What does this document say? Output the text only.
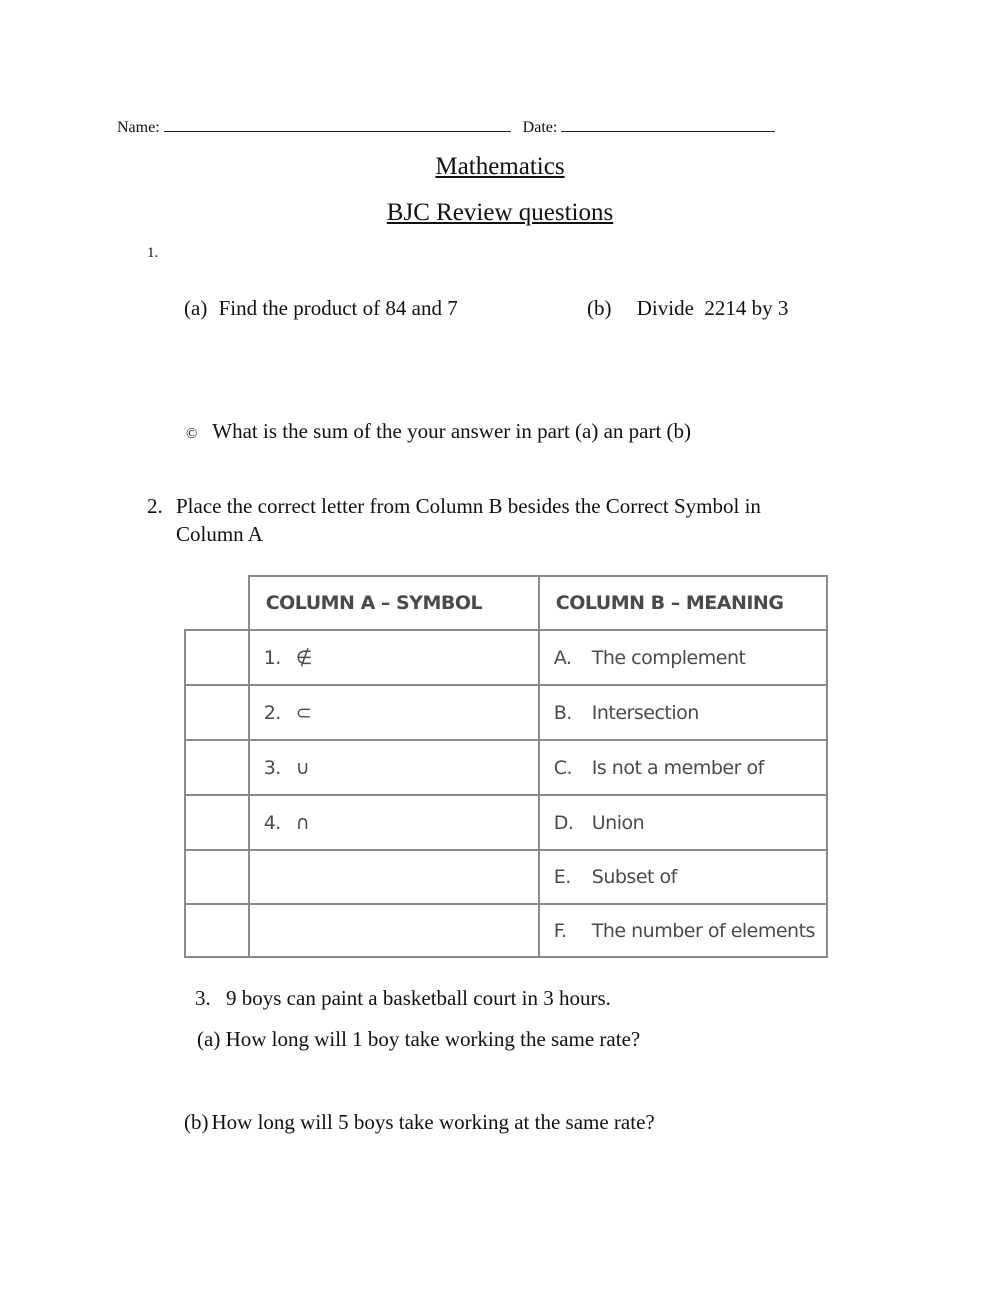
Name:	Date:
Mathematics
BJC Review questions
1.
(a) Find the product of 84 and 7	(b) Divide  2214 by 3
© What is the sum of the your answer in part (a) an part (b)
2. Place the correct letter from Column B besides the Correct Symbol in
Column A
	COLUMN A – SYMBOL	COLUMN B – MEANING
	1. ∉	A. The complement
	2. ⊂	B. Intersection
	3. ∪	C. Is not a member of
	4. ∩	D. Union
		E. Subset of
		F. The number of elements
3. 9 boys can paint a basketball court in 3 hours.
(a) How long will 1 boy take working the same rate?
(b) How long will 5 boys take working at the same rate?
